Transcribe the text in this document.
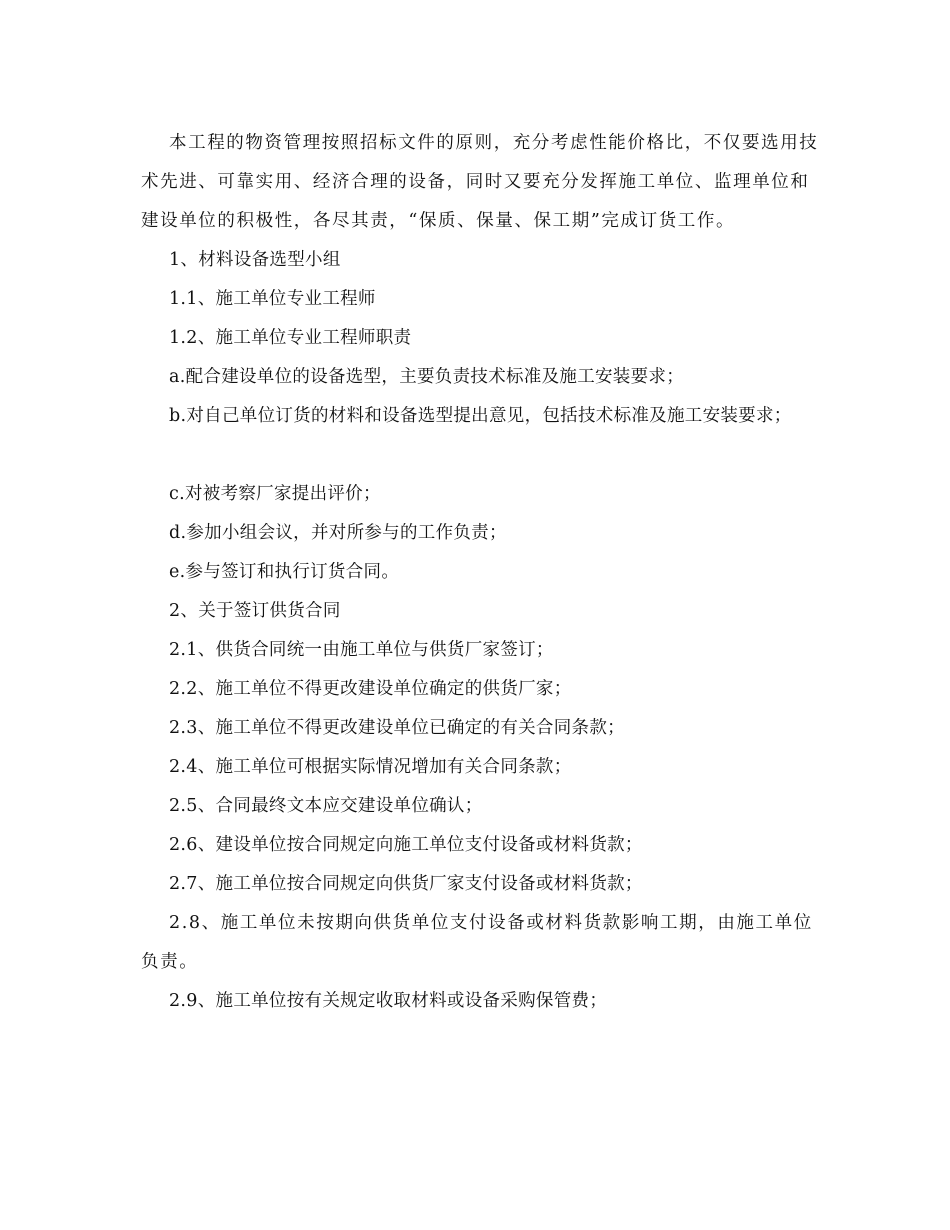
本工程的物资管理按照招标文件的原则，充分考虑性能价格比，不仅要选用技术先进、可靠实用、经济合理的设备，同时又要充分发挥施工单位、监理单位和建设单位的积极性，各尽其责，“保质、保量、保工期”完成订货工作。

1、材料设备选型小组

1.1、施工单位专业工程师

1.2、施工单位专业工程师职责

a.配合建设单位的设备选型，主要负责技术标准及施工安装要求；

b.对自己单位订货的材料和设备选型提出意见，包括技术标准及施工安装要求；

c.对被考察厂家提出评价；

d.参加小组会议，并对所参与的工作负责；

e.参与签订和执行订货合同。

2、关于签订供货合同

2.1、供货合同统一由施工单位与供货厂家签订；

2.2、施工单位不得更改建设单位确定的供货厂家；

2.3、施工单位不得更改建设单位已确定的有关合同条款；

2.4、施工单位可根据实际情况增加有关合同条款；

2.5、合同最终文本应交建设单位确认；

2.6、建设单位按合同规定向施工单位支付设备或材料货款；

2.7、施工单位按合同规定向供货厂家支付设备或材料货款；

2.8、施工单位未按期向供货单位支付设备或材料货款影响工期，由施工单位负责。

2.9、施工单位按有关规定收取材料或设备采购保管费；
